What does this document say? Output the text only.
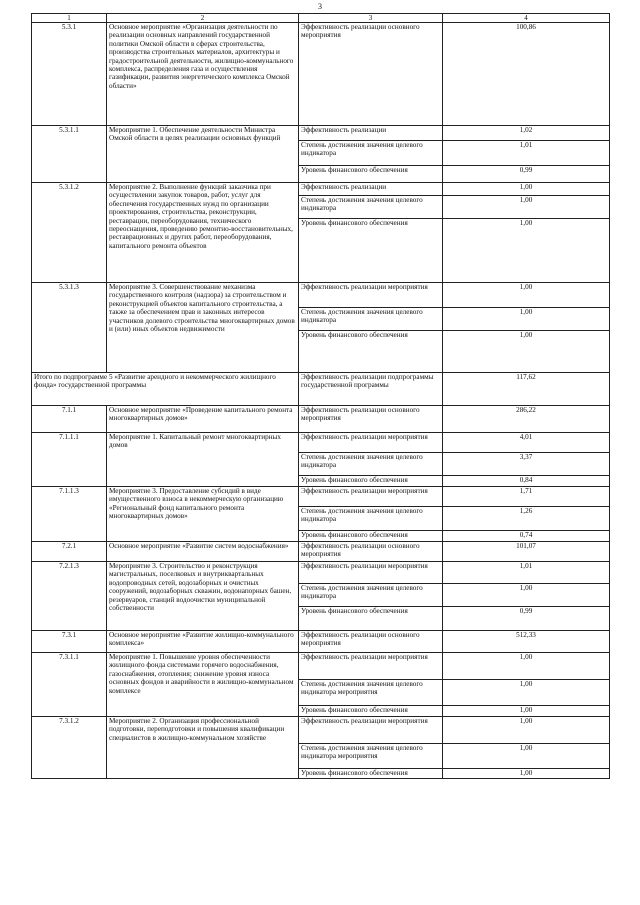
3
1	2	3	4
5.3.1	Основное мероприятие «Организация деятельности по реализации основных направлений государственной политики Омской области в сферах строительства, производства строительных материалов, архитектуры и градостроительной деятельности, жилищно-коммунального комплекса, распределения газа и осуществления газификации, развития энергетического комплекса Омской области»	Эффективность реализации основного мероприятия	100,86
5.3.1.1	Мероприятие 1. Обеспечение деятельности Министра Омской области в целях реализации основных функций	Эффективность реализации	1,02
		Степень достижения значения целевого индикатора	1,01
		Уровень финансового обеспечения	0,99
5.3.1.2	Мероприятие 2. Выполнение функций заказчика при осуществлении закупок товаров, работ, услуг для обеспечения государственных нужд по организации проектирования, строительства, реконструкции, реставрации, переоборудования, технического переоснащения, проведению ремонтно-восстановительных, реставрационных и других работ, переоборудования, капитального ремонта объектов	Эффективность реализации	1,00
		Степень достижения значения целевого индикатора	1,00
		Уровень финансового обеспечения	1,00
5.3.1.3	Мероприятие 3. Совершенствование механизма государственного контроля (надзора) за строительством и реконструкцией объектов капитального строительства, а также за обеспечением прав и законных интересов участников долевого строительства многоквартирных домов и (или) иных объектов недвижимости	Эффективность реализации мероприятия	1,00
		Степень достижения значения целевого индикатора	1,00
		Уровень финансового обеспечения	1,00
Итого по подпрограмме 5 «Развитие арендного и некоммерческого жилищного фонда» государственной программы		Эффективность реализации подпрограммы государственной программы	117,62
7.1.1	Основное мероприятие «Проведение капитального ремонта многоквартирных домов»	Эффективность реализации основного мероприятия	286,22
7.1.1.1	Мероприятие 1. Капитальный ремонт многоквартирных домов	Эффективность реализации мероприятия	4,01
		Степень достижения значения целевого индикатора	3,37
		Уровень финансового обеспечения	0,84
7.1.1.3	Мероприятие 3. Предоставление субсидий в виде имущественного взноса в некоммерческую организацию «Региональный фонд капитального ремонта многоквартирных домов»	Эффективность реализации мероприятия	1,71
		Степень достижения значения целевого индикатора	1,26
		Уровень финансового обеспечения	0,74
7.2.1	Основное мероприятие «Развитие систем водоснабжения»	Эффективность реализации основного мероприятия	101,07
7.2.1.3	Мероприятие 3. Строительство и реконструкция магистральных, поселковых и внутриквартальных водопроводных сетей, водозаборных и очистных сооружений, водозаборных скважин, водонапорных башен, резервуаров, станций водоочистки муниципальной собственности	Эффективность реализации мероприятия	1,01
		Степень достижения значения целевого индикатора	1,00
		Уровень финансового обеспечения	0,99
7.3.1	Основное мероприятие «Развитие жилищно-коммунального комплекса»	Эффективность реализации основного мероприятия	512,33
7.3.1.1	Мероприятие 1. Повышение уровня обеспеченности жилищного фонда системами горячего водоснабжения, газоснабжения, отопления; снижение уровня износа основных фондов и аварийности в жилищно-коммунальном комплексе	Эффективность реализации мероприятия	1,00
		Степень достижения значения целевого индикатора мероприятия	1,00
		Уровень финансового обеспечения	1,00
7.3.1.2	Мероприятие 2. Организация профессиональной подготовки, переподготовки и повышения квалификации специалистов в жилищно-коммунальном хозяйстве	Эффективность реализации мероприятия	1,00
		Степень достижения значения целевого индикатора мероприятия	1,00
		Уровень финансового обеспечения	1,00
